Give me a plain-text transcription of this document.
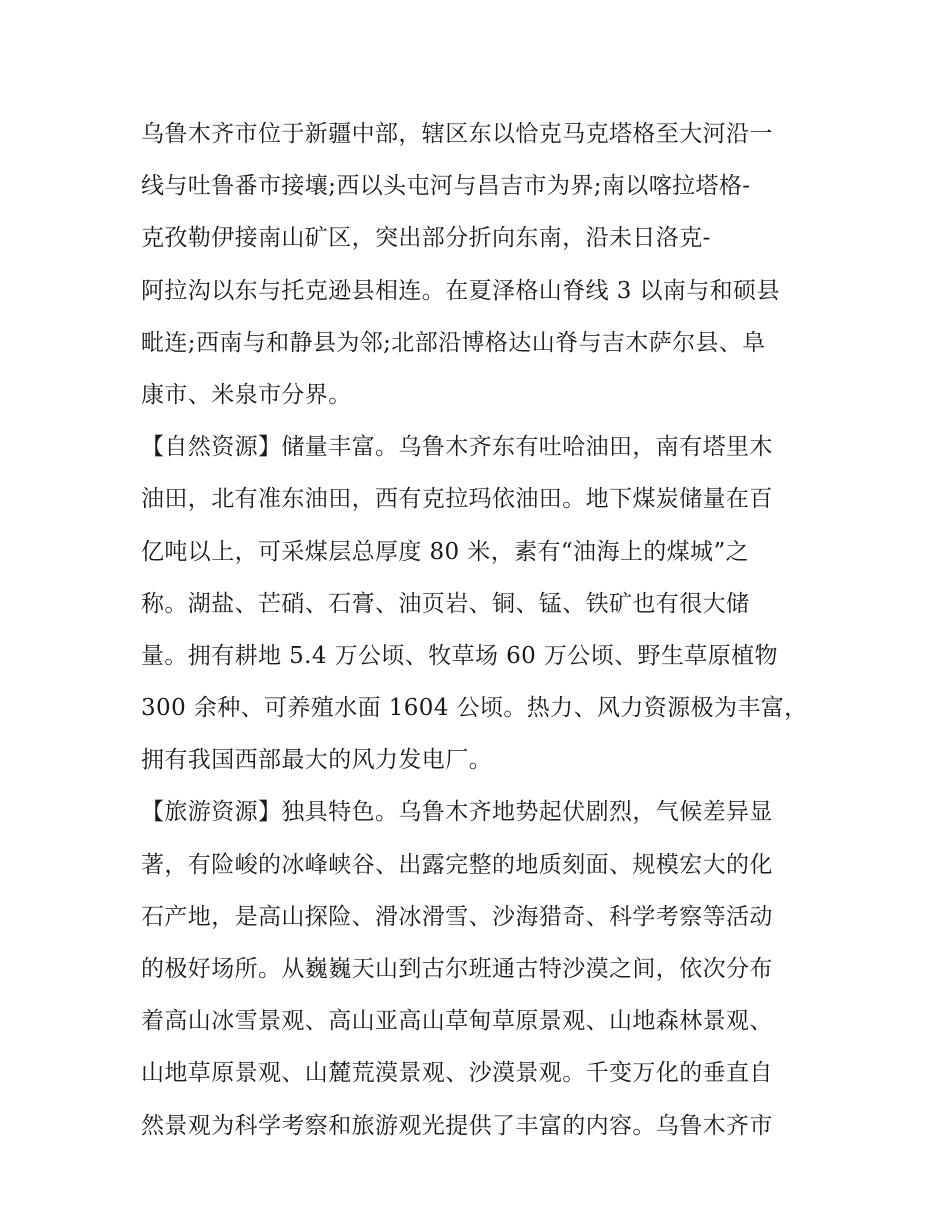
乌鲁木齐市位于新疆中部，辖区东以恰克马克塔格至大河沿一
线与吐鲁番市接壤;西以头屯河与昌吉市为界;南以喀拉塔格-
克孜勒伊接南山矿区，突出部分折向东南，沿未日洛克-
阿拉沟以东与托克逊县相连。在夏泽格山脊线 3 以南与和硕县
毗连;西南与和静县为邻;北部沿博格达山脊与吉木萨尔县、阜
康市、米泉市分界。
【自然资源】储量丰富。乌鲁木齐东有吐哈油田，南有塔里木
油田，北有准东油田，西有克拉玛依油田。地下煤炭储量在百
亿吨以上，可采煤层总厚度 80 米，素有“油海上的煤城”之
称。湖盐、芒硝、石膏、油页岩、铜、锰、铁矿也有很大储
量。拥有耕地 5.4 万公顷、牧草场 60 万公顷、野生草原植物
300 余种、可养殖水面 1604 公顷。热力、风力资源极为丰富，
拥有我国西部最大的风力发电厂。
【旅游资源】独具特色。乌鲁木齐地势起伏剧烈，气候差异显
著，有险峻的冰峰峡谷、出露完整的地质刻面、规模宏大的化
石产地，是高山探险、滑冰滑雪、沙海猎奇、科学考察等活动
的极好场所。从巍巍天山到古尔班通古特沙漠之间，依次分布
着高山冰雪景观、高山亚高山草甸草原景观、山地森林景观、
山地草原景观、山麓荒漠景观、沙漠景观。千变万化的垂直自
然景观为科学考察和旅游观光提供了丰富的内容。乌鲁木齐市
